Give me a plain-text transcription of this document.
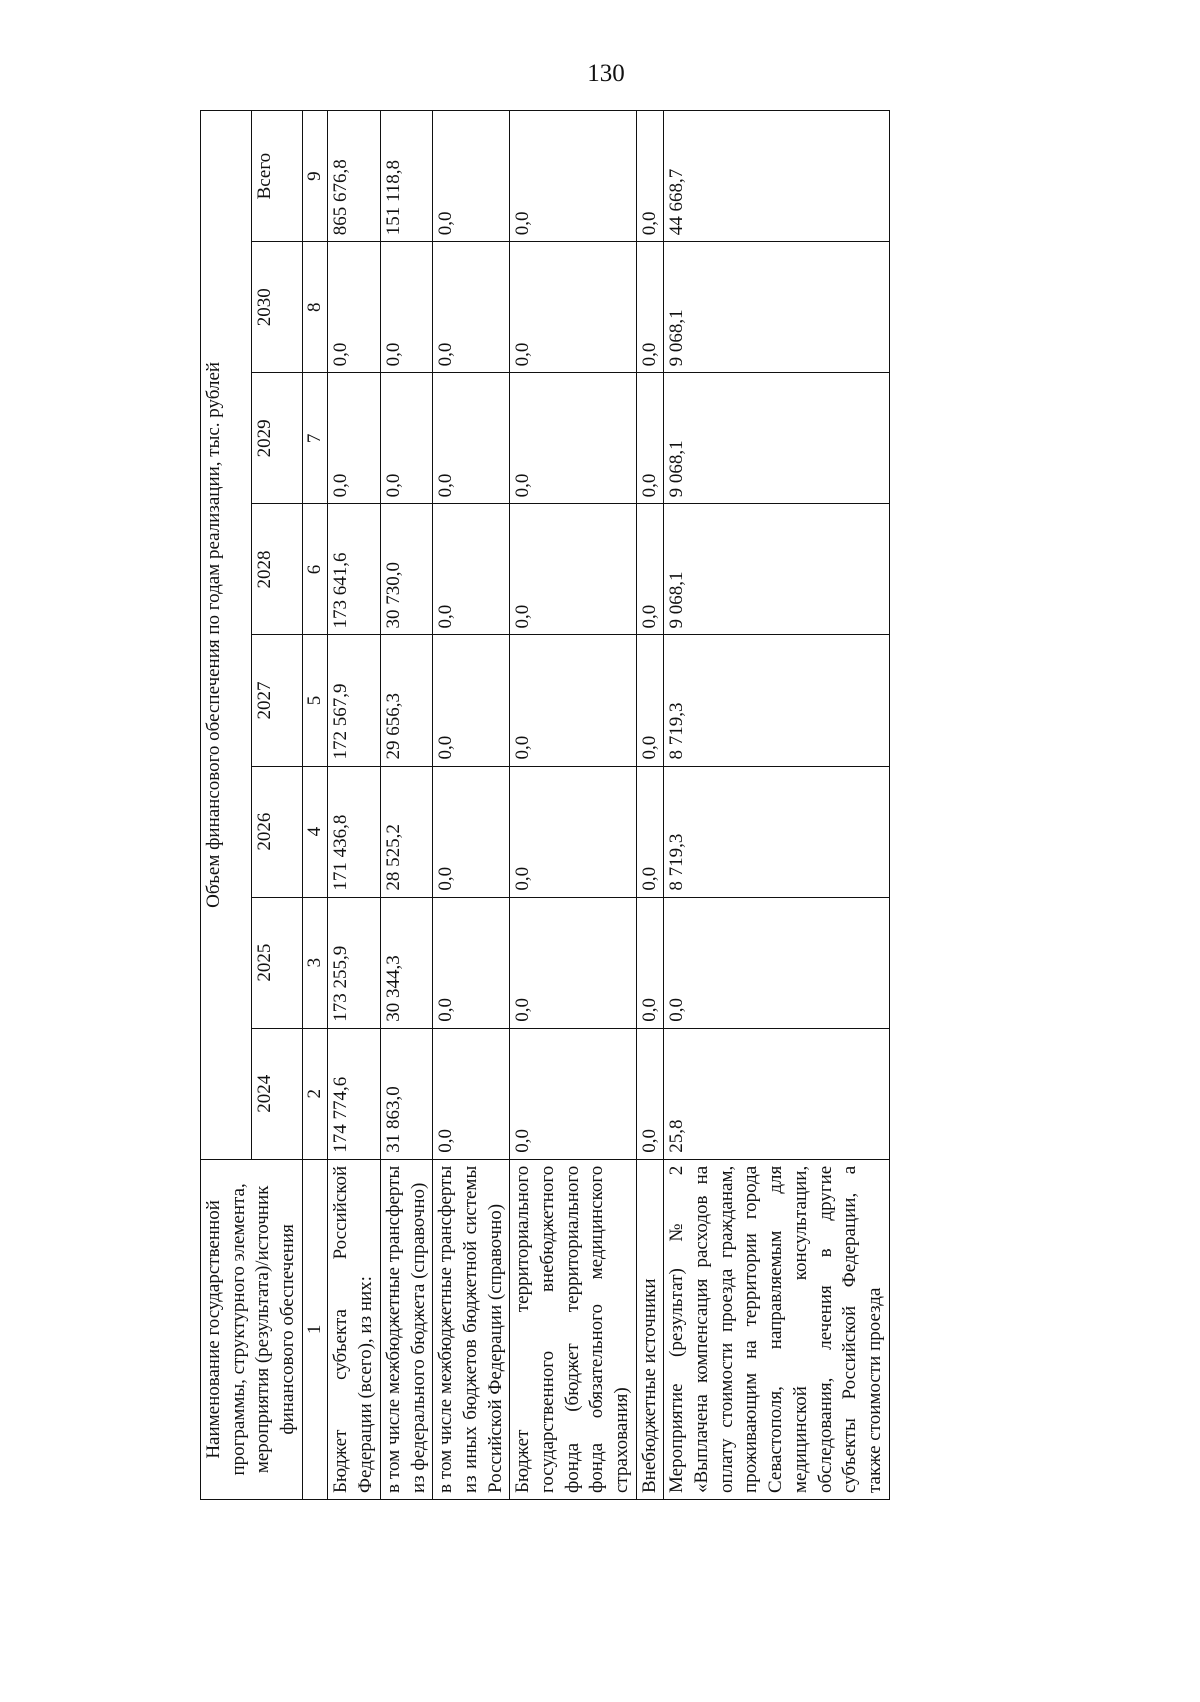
130
Наименование государственной программы, структурного элемента, мероприятия (результата)/источник финансового обеспечения	Объем финансового обеспечения по годам реализации, тыс. рублей							
	2024	2025	2026	2027	2028	2029	2030	Всего
1	2	3	4	5	6	7	8	9
Бюджет субъекта Российской Федерации (всего), из них:	174 774,6	173 255,9	171 436,8	172 567,9	173 641,6	0,0	0,0	865 676,8
в том числе межбюджетные трансферты из федерального бюджета (справочно)	31 863,0	30 344,3	28 525,2	29 656,3	30 730,0	0,0	0,0	151 118,8
в том числе межбюджетные трансферты из иных бюджетов бюджетной системы Российской Федерации (справочно)	0,0	0,0	0,0	0,0	0,0	0,0	0,0	0,0
Бюджет территориального государственного внебюджетного фонда (бюджет территориального фонда обязательного медицинского страхования)	0,0	0,0	0,0	0,0	0,0	0,0	0,0	0,0
Внебюджетные источники	0,0	0,0	0,0	0,0	0,0	0,0	0,0	0,0
Мероприятие (результат) № 2 «Выплачена компенсация расходов на оплату стоимости проезда гражданам, проживающим на территории города Севастополя, направляемым для медицинской консультации, обследования, лечения в другие субъекты Российской Федерации, а также стоимости проезда	25,8	0,0	8 719,3	8 719,3	9 068,1	9 068,1	9 068,1	44 668,7
